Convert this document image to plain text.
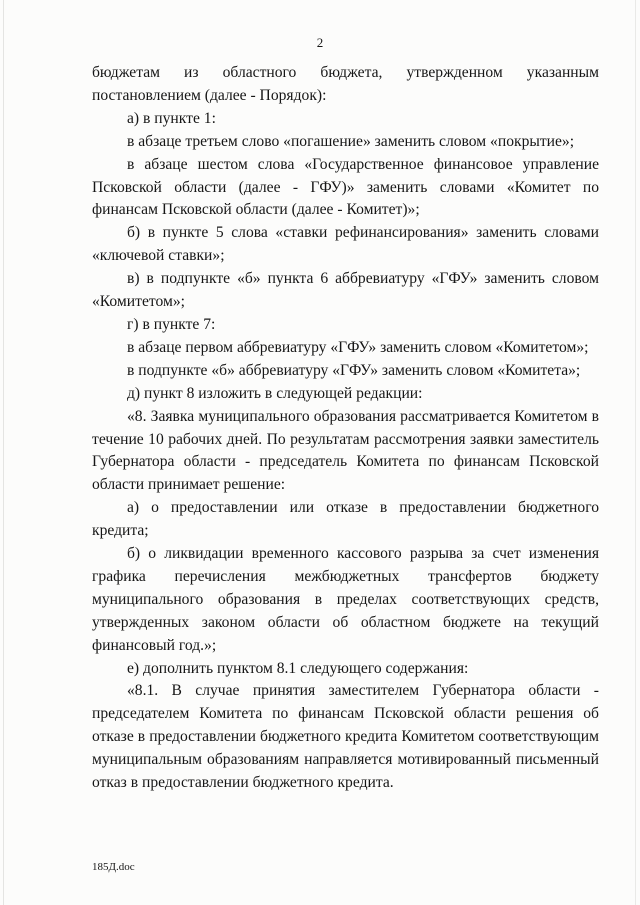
2

бюджетам из областного бюджета, утвержденном указанным постановлением (далее - Порядок):

а) в пункте 1:

в абзаце третьем слово «погашение» заменить словом «покрытие»;

в абзаце шестом слова «Государственное финансовое управление Псковской области (далее - ГФУ)» заменить словами «Комитет по финансам Псковской области (далее - Комитет)»;

б) в пункте 5 слова «ставки рефинансирования» заменить словами «ключевой ставки»;

в) в подпункте «б» пункта 6 аббревиатуру «ГФУ» заменить словом «Комитетом»;

г) в пункте 7:

в абзаце первом аббревиатуру «ГФУ» заменить словом «Комитетом»;

в подпункте «б» аббревиатуру «ГФУ» заменить словом «Комитета»;

д) пункт 8 изложить в следующей редакции:

«8. Заявка муниципального образования рассматривается Комитетом в течение 10 рабочих дней. По результатам рассмотрения заявки заместитель Губернатора области - председатель Комитета по финансам Псковской области принимает решение:

а) о предоставлении или отказе в предоставлении бюджетного кредита;

б) о ликвидации временного кассового разрыва за счет изменения графика перечисления межбюджетных трансфертов бюджету муниципального образования в пределах соответствующих средств, утвержденных законом области об областном бюджете на текущий финансовый год.»;

е) дополнить пунктом 8.1 следующего содержания:

«8.1. В случае принятия заместителем Губернатора области - председателем Комитета по финансам Псковской области решения об отказе в предоставлении бюджетного кредита Комитетом соответствующим муниципальным образованиям направляется мотивированный письменный отказ в предоставлении бюджетного кредита.

185Д.doc
